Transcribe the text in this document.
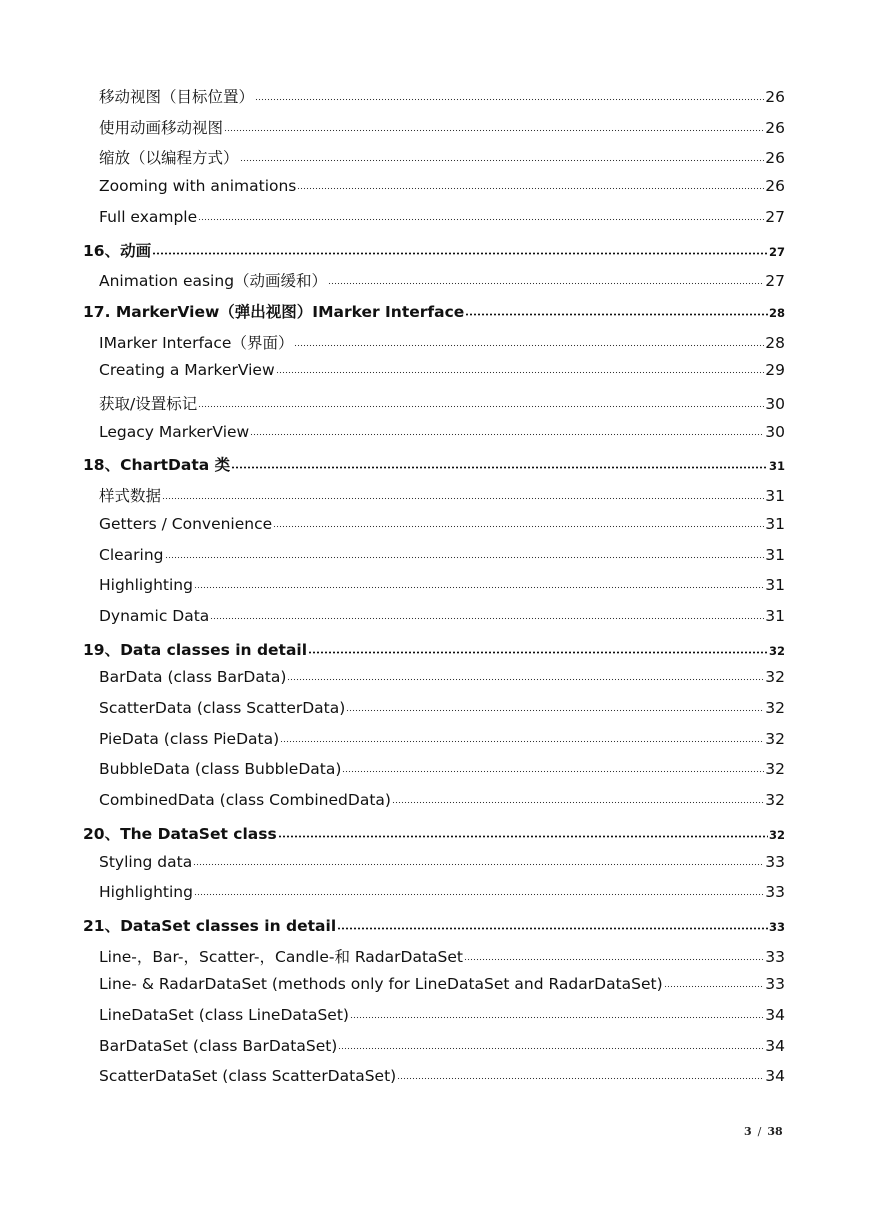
移动视图（目标位置）	26
使用动画移动视图	26
缩放（以编程方式）	26
Zooming with animations	26
Full example	27
16、动画	27
Animation easing（动画缓和）	27
17. MarkerView（弹出视图）IMarker Interface	28
IMarker Interface（界面）	28
Creating a MarkerView	29
获取/设置标记	30
Legacy MarkerView	30
18、ChartData 类	31
样式数据	31
Getters / Convenience	31
Clearing	31
Highlighting	31
Dynamic Data	31
19、Data classes in detail	32
BarData (class BarData)	32
ScatterData (class ScatterData)	32
PieData (class PieData)	32
BubbleData (class BubbleData)	32
CombinedData (class CombinedData)	32
20、The DataSet class	32
Styling data	33
Highlighting	33
21、DataSet classes in detail	33
Line-，Bar-，Scatter-，Candle-和 RadarDataSet	33
Line- & RadarDataSet (methods only for LineDataSet and RadarDataSet)	33
LineDataSet (class LineDataSet)	34
BarDataSet (class BarDataSet)	34
ScatterDataSet (class ScatterDataSet)	34
3 / 38
